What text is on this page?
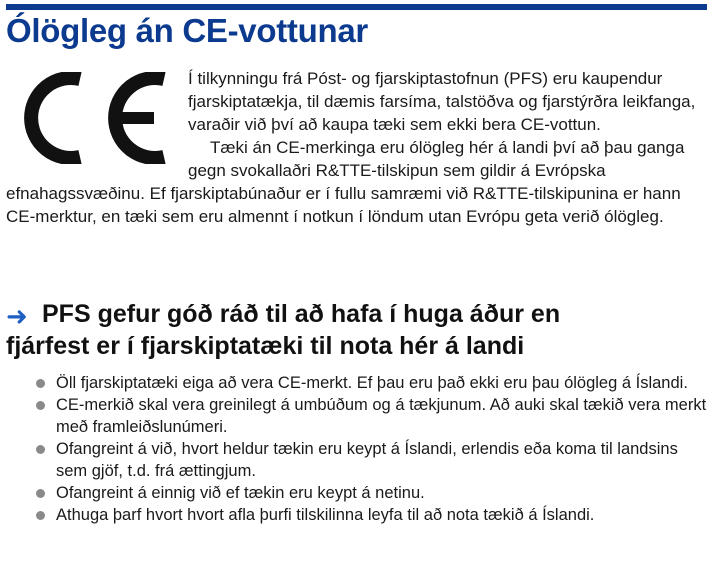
Ólögleg án CE-vottunar

Í tilkynningu frá Póst- og fjarskiptastofnun (PFS) eru kaupendur fjarskiptatækja, til dæmis farsíma, talstöðva og fjarstýrðra leikfanga, varaðir við því að kaupa tæki sem ekki bera CE-vottun.

Tæki án CE-merkinga eru ólögleg hér á landi því að þau ganga gegn svokallaðri R&TTE-tilskipun sem gildir á Evrópska efnahagssvæðinu. Ef fjarskiptabúnaður er í fullu samræmi við R&TTE-tilskipunina er hann CE-merktur, en tæki sem eru almennt í notkun í löndum utan Evrópu geta verið ólögleg.

➜ PFS gefur góð ráð til að hafa í huga áður en
fjárfest er í fjarskiptatæki til nota hér á landi
Öll fjarskiptatæki eiga að vera CE-merkt. Ef þau eru það ekki eru þau ólögleg á Íslandi.
CE-merkið skal vera greinilegt á umbúðum og á tækjunum. Að auki skal tækið vera merkt með framleiðslunúmeri.
Ofangreint á við, hvort heldur tækin eru keypt á Íslandi, erlendis eða koma til landsins sem gjöf, t.d. frá ættingjum.
Ofangreint á einnig við ef tækin eru keypt á netinu.
Athuga þarf hvort hvort afla þurfi tilskilinna leyfa til að nota tækið á Íslandi.
